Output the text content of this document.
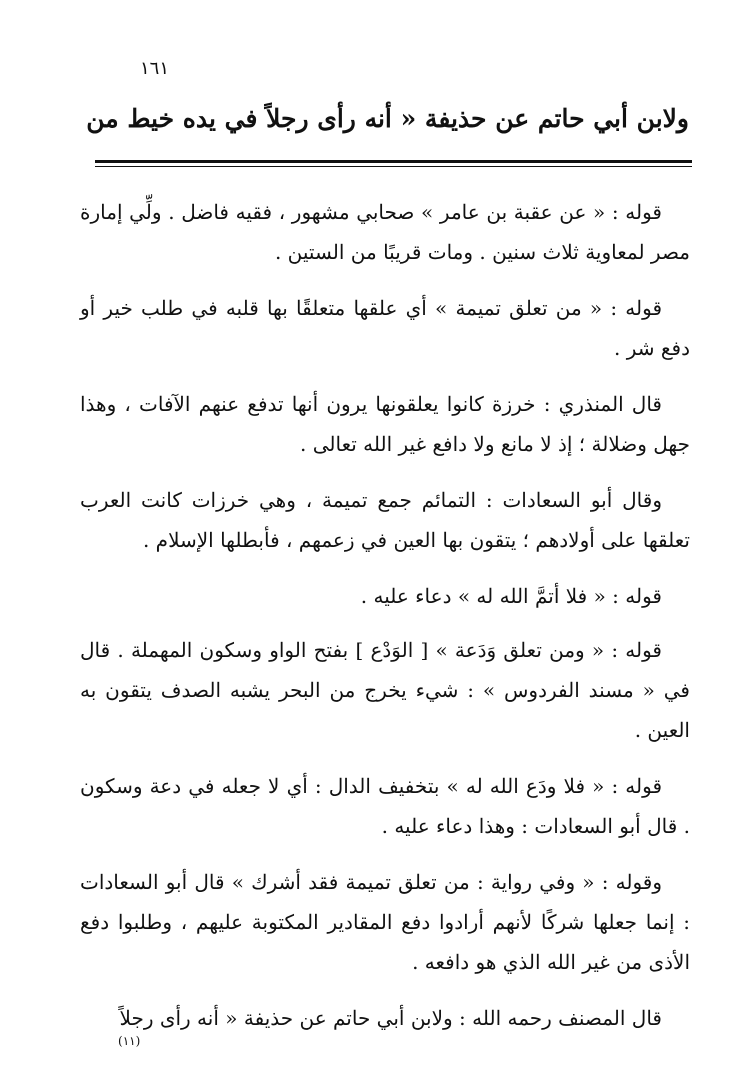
١٦١
ولابن أبي حاتم عن حذيفة « أنه رأى رجلاً في يده خيط من

قوله : « عن عقبة بن عامر » صحابي مشهور ، فقيه فاضل . ولِّي إمارة مصر لمعاوية ثلاث سنين . ومات قريبًا من الستين .

قوله : « من تعلق تميمة » أي علقها متعلقًا بها قلبه في طلب خير أو دفع شر .

قال المنذري : خرزة كانوا يعلقونها يرون أنها تدفع عنهم الآفات ، وهذا جهل وضلالة ؛ إذ لا مانع ولا دافع غير الله تعالى .

وقال أبو السعادات : التمائم جمع تميمة ، وهي خرزات كانت العرب تعلقها على أولادهم ؛ يتقون بها العين في زعمهم ، فأبطلها الإسلام .

قوله : « فلا أتمَّ الله له » دعاء عليه .

قوله : « ومن تعلق وَدَعة » [ الوَدْع ] بفتح الواو وسكون المهملة . قال في « مسند الفردوس » : شيء يخرج من البحر يشبه الصدف يتقون به العين .

قوله : « فلا ودَع الله له » بتخفيف الدال : أي لا جعله في دعة وسكون . قال أبو السعادات : وهذا دعاء عليه .

وقوله : « وفي رواية : من تعلق تميمة فقد أشرك » قال أبو السعادات : إنما جعلها شركًا لأنهم أرادوا دفع المقادير المكتوبة عليهم ، وطلبوا دفع الأذى من غير الله الذي هو دافعه .

قال المصنف رحمه الله : ولابن أبي حاتم عن حذيفة « أنه رأى رجلاً

(١١)
